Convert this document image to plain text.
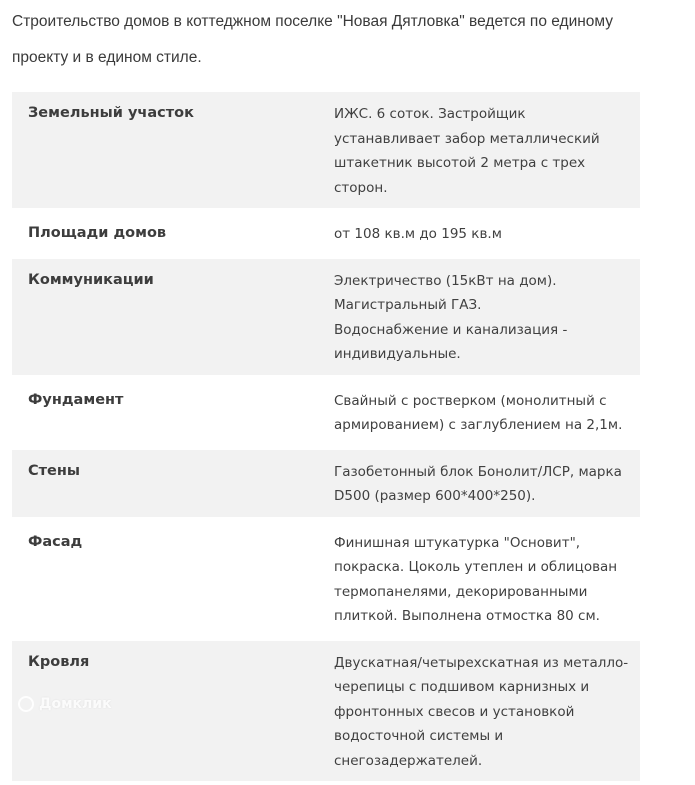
Строительство домов в коттеджном поселке "Новая Дятловка" ведется по единому проекту и в едином стиле.

Земельный участок	ИЖС. 6 соток. Застройщик устанавливает забор металлический штакетник высотой 2 метра с трех сторон.
Площади домов	от 108 кв.м до 195 кв.м
Коммуникации	Электричество (15кВт на дом).
Магистральный ГАЗ.
Водоснабжение и канализация - индивидуальные.
Фундамент	Свайный с ростверком (монолитный с армированием) с заглублением на 2,1м.
Стены	Газобетонный блок Бонолит/ЛСР, марка D500 (размер 600*400*250).
Фасад	Финишная штукатурка "Основит", покраска. Цоколь утеплен и облицован термопанелями, декорированными плиткой. Выполнена отмостка 80 см.
Кровля	Двускатная/четырехскатная из металло-черепицы с подшивом карнизных и фронтонных свесов и установкой водосточной системы и снегозадержателей.
Домклик
